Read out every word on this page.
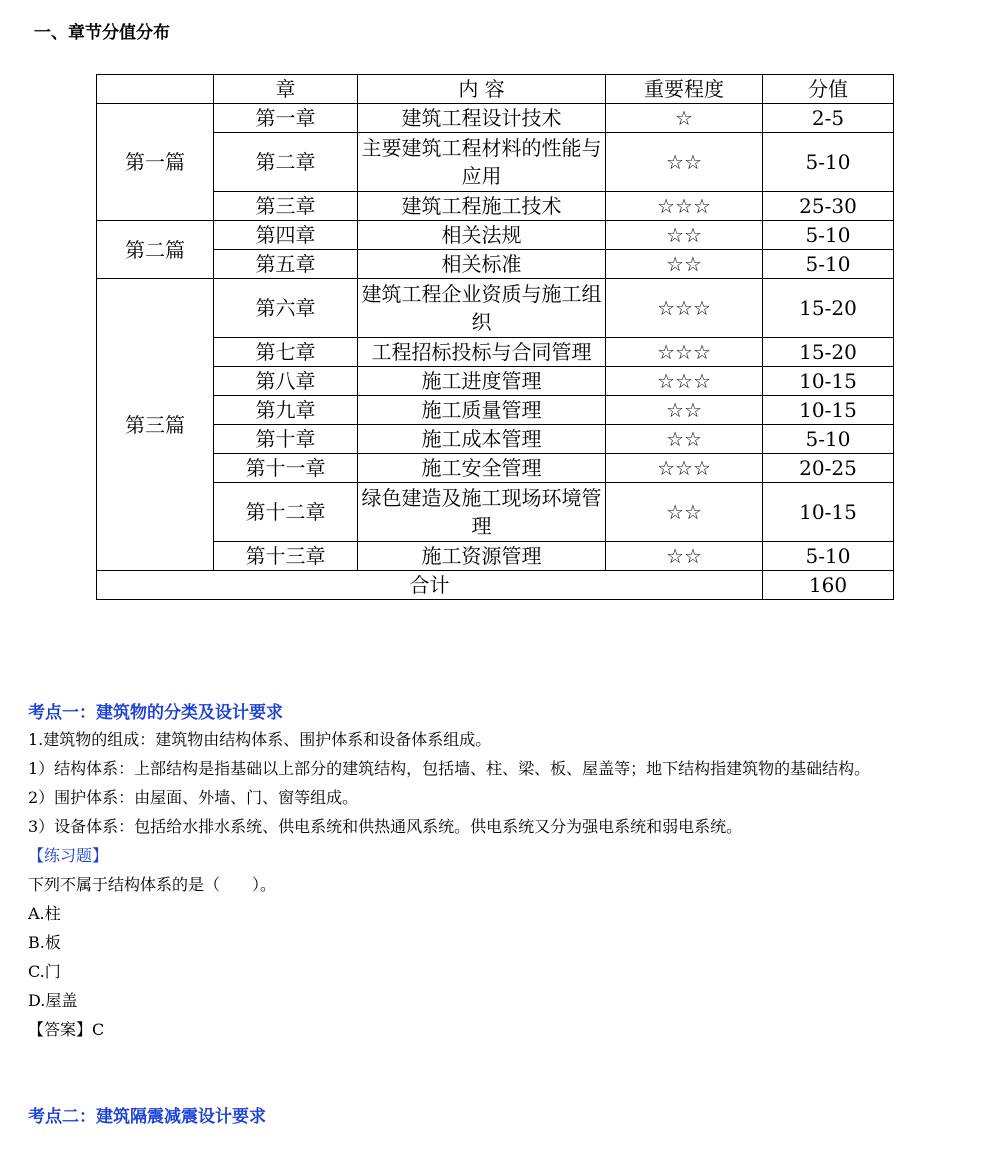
一、章节分值分布
	章	内 容	重要程度	分值
第一篇	第一章	建筑工程设计技术	☆	2-5
	第二章	主要建筑工程材料的性能与应用	☆☆	5-10
	第三章	建筑工程施工技术	☆☆☆	25-30
第二篇	第四章	相关法规	☆☆	5-10
	第五章	相关标准	☆☆	5-10
第三篇	第六章	建筑工程企业资质与施工组织	☆☆☆	15-20
	第七章	工程招标投标与合同管理	☆☆☆	15-20
	第八章	施工进度管理	☆☆☆	10-15
	第九章	施工质量管理	☆☆	10-15
	第十章	施工成本管理	☆☆	5-10
	第十一章	施工安全管理	☆☆☆	20-25
	第十二章	绿色建造及施工现场环境管理	☆☆	10-15
	第十三章	施工资源管理	☆☆	5-10
合计				160
考点一：建筑物的分类及设计要求
1.建筑物的组成：建筑物由结构体系、围护体系和设备体系组成。
1）结构体系：上部结构是指基础以上部分的建筑结构，包括墙、柱、梁、板、屋盖等；地下结构指建筑物的基础结构。
2）围护体系：由屋面、外墙、门、窗等组成。
3）设备体系：包括给水排水系统、供电系统和供热通风系统。供电系统又分为强电系统和弱电系统。
【练习题】
下列不属于结构体系的是（　　）。
A.柱
B.板
C.门
D.屋盖
【答案】C
考点二：建筑隔震减震设计要求
